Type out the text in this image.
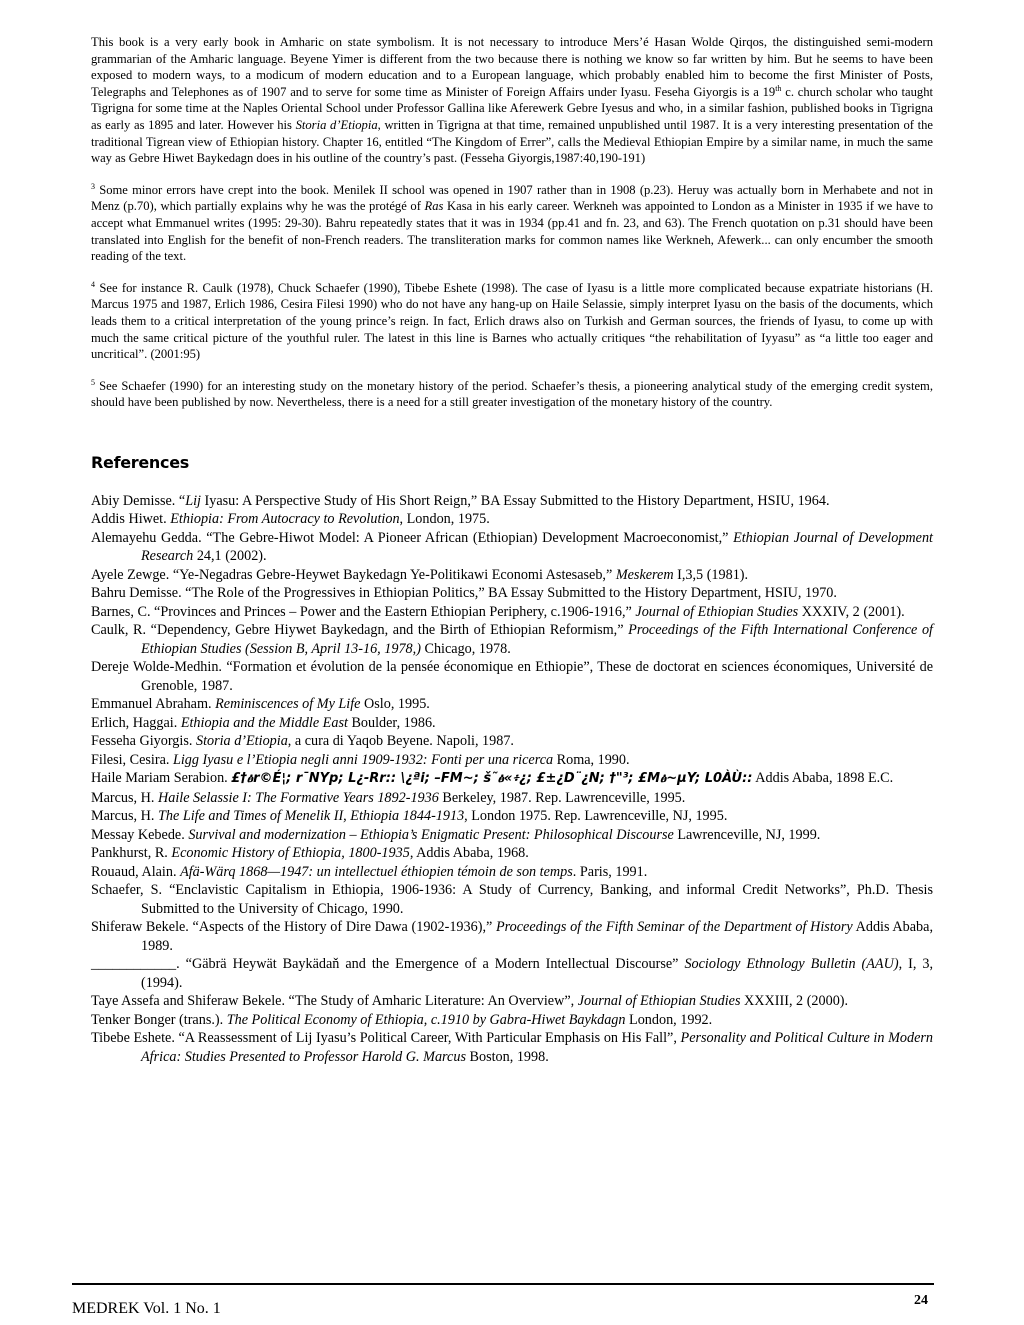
This book is a very early book in Amharic on state symbolism. It is not necessary to introduce Mers’é Hasan Wolde Qirqos, the distinguished semi-modern grammarian of the Amharic language. Beyene Yimer is different from the two because there is nothing we know so far written by him. But he seems to have been exposed to modern ways, to a modicum of modern education and to a European language, which probably enabled him to become the first Minister of Posts, Telegraphs and Telephones as of 1907 and to serve for some time as Minister of Foreign Affairs under Iyasu. Feseha Giyorgis is a 19th c. church scholar who taught Tigrigna for some time at the Naples Oriental School under Professor Gallina like Aferewerk Gebre Iyesus and who, in a similar fashion, published books in Tigrigna as early as 1895 and later. However his Storia d’Etiopia, written in Tigrigna at that time, remained unpublished until 1987. It is a very interesting presentation of the traditional Tigrean view of Ethiopian history. Chapter 16, entitled “The Kingdom of Errer”, calls the Medieval Ethiopian Empire by a similar name, in much the same way as Gebre Hiwet Baykedagn does in his outline of the country’s past. (Fesseha Giyorgis,1987:40,190-191)

$^3$ Some minor errors have crept into the book. Menilek II school was opened in 1907 rather than in 1908 (p.23). Heruy was actually born in Merhabete and not in Menz (p.70), which partially explains why he was the protégé of Ras Kasa in his early career. Werkneh was appointed to London as a Minister in 1935 if we have to accept what Emmanuel writes (1995: 29-30). Bahru repeatedly states that it was in 1934 (pp.41 and fn. 23, and 63). The French quotation on p.31 should have been translated into English for the benefit of non-French readers. The transliteration marks for common names like Werkneh, Afewerk... can only encumber the smooth reading of the text.

$^4$ See for instance R. Caulk (1978), Chuck Schaefer (1990), Tibebe Eshete (1998). The case of Iyasu is a little more complicated because expatriate historians (H. Marcus 1975 and 1987, Erlich 1986, Cesira Filesi 1990) who do not have any hang-up on Haile Selassie, simply interpret Iyasu on the basis of the documents, which leads them to a critical interpretation of the young prince’s reign. In fact, Erlich draws also on Turkish and German sources, the friends of Iyasu, to come up with much the same critical picture of the youthful ruler. The latest in this line is Barnes who actually critiques “the rehabilitation of Iyyasu” as “a little too eager and uncritical”. (2001:95)

$^5$ See Schaefer (1990) for an interesting study on the monetary history of the period. Schaefer’s thesis, a pioneering analytical study of the emerging credit system, should have been published by now. Nevertheless, there is a need for a still greater investigation of the monetary history of the country.

References

Abiy Demisse. “Lij Iyasu: A Perspective Study of His Short Reign,” BA Essay Submitted to the History Department, HSIU, 1964.

Addis Hiwet. Ethiopia: From Autocracy to Revolution, London, 1975.

Alemayehu Gedda. “The Gebre-Hiwot Model: A Pioneer African (Ethiopian) Development Macroeconomist,” Ethiopian Journal of Development Research 24,1 (2002).

Ayele Zewge. “Ye-Negadras Gebre-Heywet Baykedagn Ye-Politikawi Economi Astesaseb,” Meskerem I,3,5 (1981).

Bahru Demisse. “The Role of the Progressives in Ethiopian Politics,” BA Essay Submitted to the History Department, HSIU, 1970.

Barnes, C. “Provinces and Princes – Power and the Eastern Ethiopian Periphery, c.1906-1916,” Journal of Ethiopian Studies XXXIV, 2 (2001).

Caulk, R. “Dependency, Gebre Hiywet Baykedagn, and the Birth of Ethiopian Reformism,” Proceedings of the Fifth International Conference of Ethiopian Studies (Session B, April 13-16, 1978,) Chicago, 1978.

Dereje Wolde-Medhin. “Formation et évolution de la pensée économique en Ethiopie”, These de doctorat en sciences économiques, Université de Grenoble, 1987.

Emmanuel Abraham. Reminiscences of My Life Oslo, 1995.

Erlich, Haggai. Ethiopia and the Middle East Boulder, 1986.

Fesseha Giyorgis. Storia d’Etiopia, a cura di Yaqob Beyene. Napoli, 1987.

Filesi, Cesira. Ligg Iyasu e l’Etiopia negli anni 1909-1932: Fonti per una ricerca Roma, 1990.

Haile Mariam Serabion. £†ፅr©É¦; r¯NYp; L¿-Rr:: \¿ªi; –FM~; š˜ፅ«፥¿; £±¿D¨¿N; †"³; £Mፅ~µY; L0ÀÙ:: Addis Ababa, 1898 E.C.

Marcus, H. Haile Selassie I: The Formative Years 1892-1936 Berkeley, 1987. Rep. Lawrenceville, 1995.

Marcus, H. The Life and Times of Menelik II, Ethiopia 1844-1913, London 1975. Rep. Lawrenceville, NJ, 1995.

Messay Kebede. Survival and modernization – Ethiopia’s Enigmatic Present: Philosophical Discourse Lawrenceville, NJ, 1999.

Pankhurst, R. Economic History of Ethiopia, 1800-1935, Addis Ababa, 1968.

Rouaud, Alain. Afä-Wärq 1868—1947: un intellectuel éthiopien témoin de son temps. Paris, 1991.

Schaefer, S. “Enclavistic Capitalism in Ethiopia, 1906-1936: A Study of Currency, Banking, and informal Credit Networks”, Ph.D. Thesis Submitted to the University of Chicago, 1990.

Shiferaw Bekele. “Aspects of the History of Dire Dawa (1902-1936),” Proceedings of the Fifth Seminar of the Department of History Addis Ababa, 1989.

____________. “Gäbrä Heywät Baykädaň and the Emergence of a Modern Intellectual Discourse” Sociology Ethnology Bulletin (AAU), I, 3, (1994).

Taye Assefa and Shiferaw Bekele. “The Study of Amharic Literature: An Overview”, Journal of Ethiopian Studies XXXIII, 2 (2000).

Tenker Bonger (trans.). The Political Economy of Ethiopia, c.1910 by Gabra-Hiwet Baykdagn London, 1992.

Tibebe Eshete. “A Reassessment of Lij Iyasu’s Political Career, With Particular Emphasis on His Fall”, Personality and Political Culture in Modern Africa: Studies Presented to Professor Harold G. Marcus Boston, 1998.

MEDREK Vol. 1 No. 1	24
